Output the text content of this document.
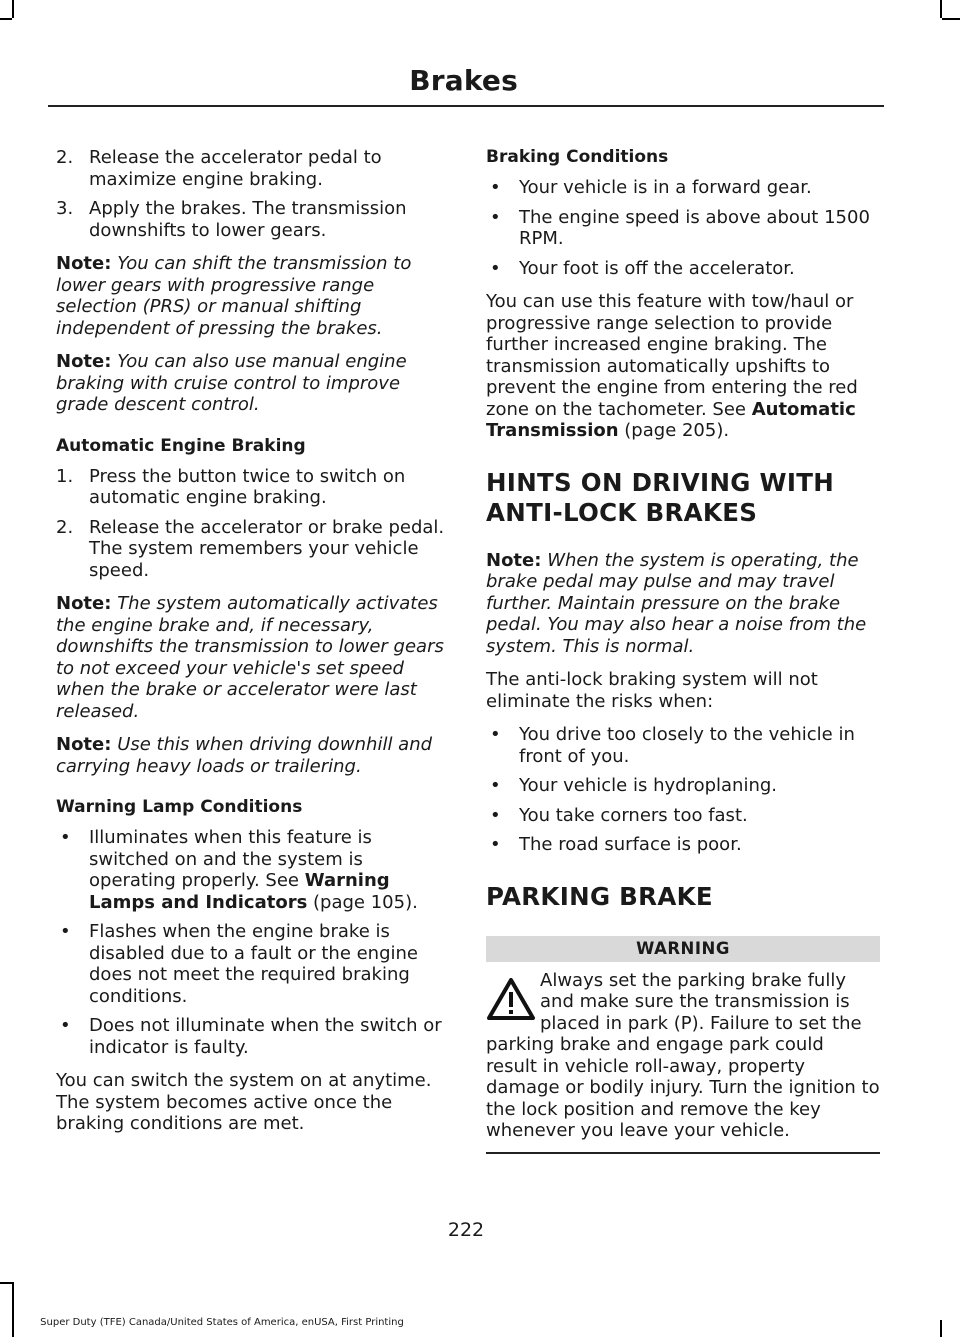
Brakes
2. Release the accelerator pedal to maximize engine braking.
3. Apply the brakes. The transmission downshifts to lower gears.

Note: You can shift the transmission to lower gears with progressive range selection (PRS) or manual shifting independent of pressing the brakes.

Note: You can also use manual engine braking with cruise control to improve grade descent control.

Automatic Engine Braking
1. Press the button twice to switch on automatic engine braking.
2. Release the accelerator or brake pedal. The system remembers your vehicle speed.

Note: The system automatically activates the engine brake and, if necessary, downshifts the transmission to lower gears to not exceed your vehicle's set speed when the brake or accelerator were last released.

Note: Use this when driving downhill and carrying heavy loads or trailering.

Warning Lamp Conditions
• Illuminates when this feature is switched on and the system is operating properly. See Warning Lamps and Indicators (page 105).
• Flashes when the engine brake is disabled due to a fault or the engine does not meet the required braking conditions.
• Does not illuminate when the switch or indicator is faulty.

You can switch the system on at anytime. The system becomes active once the braking conditions are met.

Braking Conditions
• Your vehicle is in a forward gear.
• The engine speed is above about 1500 RPM.
• Your foot is off the accelerator.

You can use this feature with tow/haul or progressive range selection to provide further increased engine braking. The transmission automatically upshifts to prevent the engine from entering the red zone on the tachometer. See Automatic Transmission (page 205).

HINTS ON DRIVING WITH
ANTI-LOCK BRAKES

Note: When the system is operating, the brake pedal may pulse and may travel further. Maintain pressure on the brake pedal. You may also hear a noise from the system. This is normal.

The anti-lock braking system will not eliminate the risks when:

• You drive too closely to the vehicle in front of you.
• Your vehicle is hydroplaning.
• You take corners too fast.
• The road surface is poor.
PARKING BRAKE
WARNING
Always set the parking brake fully and make sure the transmission is placed in park (P). Failure to set the parking brake and engage park could result in vehicle roll-away, property damage or bodily injury. Turn the ignition to the lock position and remove the key whenever you leave your vehicle.
222
Super Duty (TFE) Canada/United States of America, enUSA, First Printing
